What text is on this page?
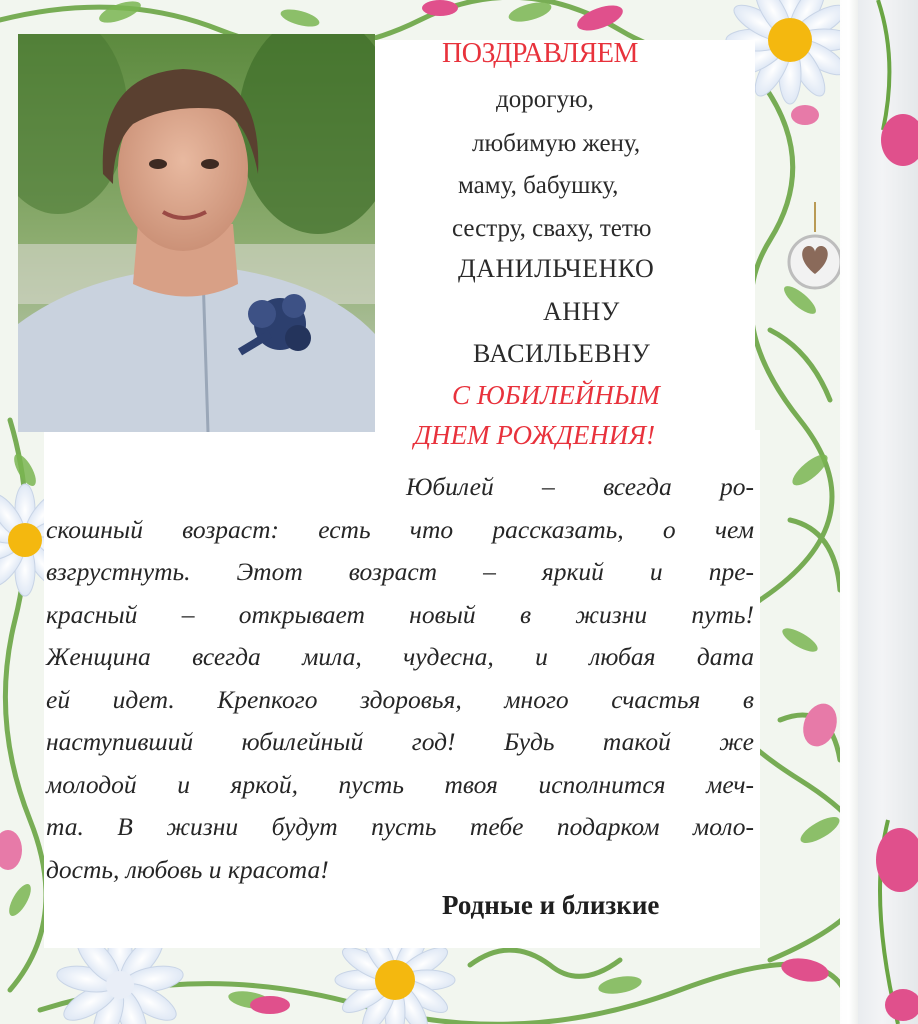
ПОЗДРАВЛЯЕМ
дорогую,
любимую жену,
маму, бабушку,
сестру, сваху, тетю
ДАНИЛЬЧЕНКО
АННУ
ВАСИЛЬЕВНУ
С ЮБИЛЕЙНЫМ
ДНЕМ РОЖДЕНИЯ!
Юбилей – всегда ро-
скошный возраст: есть что рассказать, о чем
взгрустнуть. Этот возраст – яркий и пре-
красный – открывает новый в жизни путь!
Женщина всегда мила, чудесна, и любая дата
ей идет. Крепкого здоровья, много счастья в
наступивший юбилейный год! Будь такой же
молодой и яркой, пусть твоя исполнится меч-
та. В жизни будут пусть тебе подарком моло-
дость, любовь и красота!
Родные и близкие
